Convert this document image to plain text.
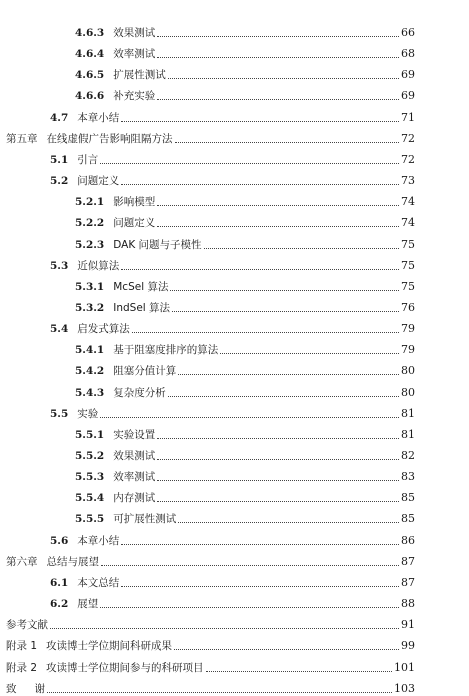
4.6.3 效果测试	66
4.6.4 效率测试	68
4.6.5 扩展性测试	69
4.6.6 补充实验	69
4.7 本章小结	71
第五章 在线虚假广告影响阻隔方法	72
5.1 引言	72
5.2 问题定义	73
5.2.1 影响模型	74
5.2.2 问题定义	74
5.2.3 DAK 问题与子模性	75
5.3 近似算法	75
5.3.1 McSel 算法	75
5.3.2 IndSel 算法	76
5.4 启发式算法	79
5.4.1 基于阻塞度排序的算法	79
5.4.2 阻塞分值计算	80
5.4.3 复杂度分析	80
5.5 实验	81
5.5.1 实验设置	81
5.5.2 效果测试	82
5.5.3 效率测试	83
5.5.4 内存测试	85
5.5.5 可扩展性测试	85
5.6 本章小结	86
第六章 总结与展望	87
6.1 本文总结	87
6.2 展望	88
参考文献	91
附录 1 攻读博士学位期间科研成果	99
附录 2 攻读博士学位期间参与的科研项目	101
致 谢	103
